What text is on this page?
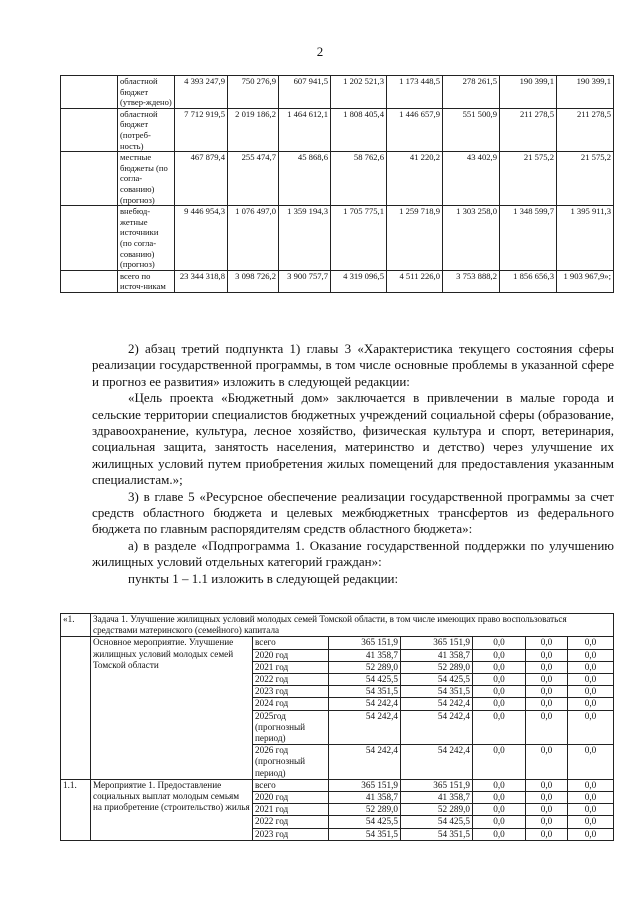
2
	областной бюджет (утвер-ждено)	4 393 247,9	750 276,9	607 941,5	1 202 521,3	1 173 448,5	278 261,5	190 399,1	190 399,1
	областной бюджет (потреб-ность)	7 712 919,5	2 019 186,2	1 464 612,1	1 808 405,4	1 446 657,9	551 500,9	211 278,5	211 278,5
	местные бюджеты (по согла-сованию) (прогноз)	467 879,4	255 474,7	45 868,6	58 762,6	41 220,2	43 402,9	21 575,2	21 575,2
	внебюд-жетные источники (по согла-сованию) (прогноз)	9 446 954,3	1 076 497,0	1 359 194,3	1 705 775,1	1 259 718,9	1 303 258,0	1 348 599,7	1 395 911,3
	всего по источ-никам	23 344 318,8	3 098 726,2	3 900 757,7	4 319 096,5	4 511 226,0	3 753 888,2	1 856 656,3	1 903 967,9»;

2) абзац третий подпункта 1) главы 3 «Характеристика текущего состояния сферы реализации государственной программы, в том числе основные проблемы в указанной сфере и прогноз ее развития» изложить в следующей редакции:

«Цель проекта «Бюджетный дом» заключается в привлечении в малые города и сельские территории специалистов бюджетных учреждений социальной сферы (образование, здравоохранение, культура, лесное хозяйство, физическая культура и спорт, ветеринария, социальная защита, занятость населения, материнство и детство) через улучшение их жилищных условий путем приобретения жилых помещений для предоставления указанным специалистам.»;

3) в главе 5 «Ресурсное обеспечение реализации государственной программы за счет средств областного бюджета и целевых межбюджетных трансфертов из федерального бюджета по главным распорядителям средств областного бюджета»:

а) в разделе «Подпрограмма 1. Оказание государственной поддержки по улучшению жилищных условий отдельных категорий граждан»:

пункты 1 – 1.1 изложить в следующей редакции:

«1.	Задача 1. Улучшение жилищных условий молодых семей Томской области, в том числе имеющих право воспользоваться средствами материнского (семейного) капитала						
	Основное мероприятие. Улучшение жилищных условий молодых семей Томской области	всего	365 151,9	365 151,9	0,0	0,0	0,0
		2020 год	41 358,7	41 358,7	0,0	0,0	0,0
		2021 год	52 289,0	52 289,0	0,0	0,0	0,0
		2022 год	54 425,5	54 425,5	0,0	0,0	0,0
		2023 год	54 351,5	54 351,5	0,0	0,0	0,0
		2024 год	54 242,4	54 242,4	0,0	0,0	0,0
		2025год (прогнозный период)	54 242,4	54 242,4	0,0	0,0	0,0
		2026 год (прогнозный период)	54 242,4	54 242,4	0,0	0,0	0,0
1.1.	Мероприятие 1. Предоставление социальных выплат молодым семьям на приобретение (строительство) жилья	всего	365 151,9	365 151,9	0,0	0,0	0,0
		2020 год	41 358,7	41 358,7	0,0	0,0	0,0
		2021 год	52 289,0	52 289,0	0,0	0,0	0,0
		2022 год	54 425,5	54 425,5	0,0	0,0	0,0
		2023 год	54 351,5	54 351,5	0,0	0,0	0,0
